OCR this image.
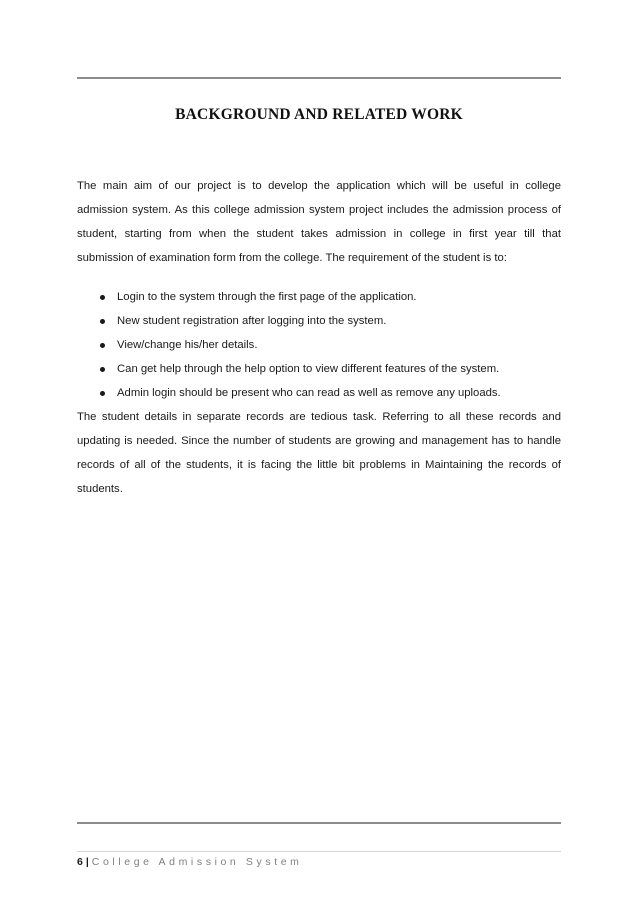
BACKGROUND AND RELATED WORK

The main aim of our project is to develop the application which will be useful in college admission system. As this college admission system project includes the admission process of student, starting from when the student takes admission in college in first year till that submission of examination form from the college. The requirement of the student is to:

Login to the system through the first page of the application.
New student registration after logging into the system.
View/change his/her details.
Can get help through the help option to view different features of the system.
Admin login should be present who can read as well as remove any uploads.

The student details in separate records are tedious task. Referring to all these records and updating is needed. Since the number of students are growing and management has to handle records of all of the students, it is facing the little bit problems in Maintaining the records of students.

6 | College Admission System
